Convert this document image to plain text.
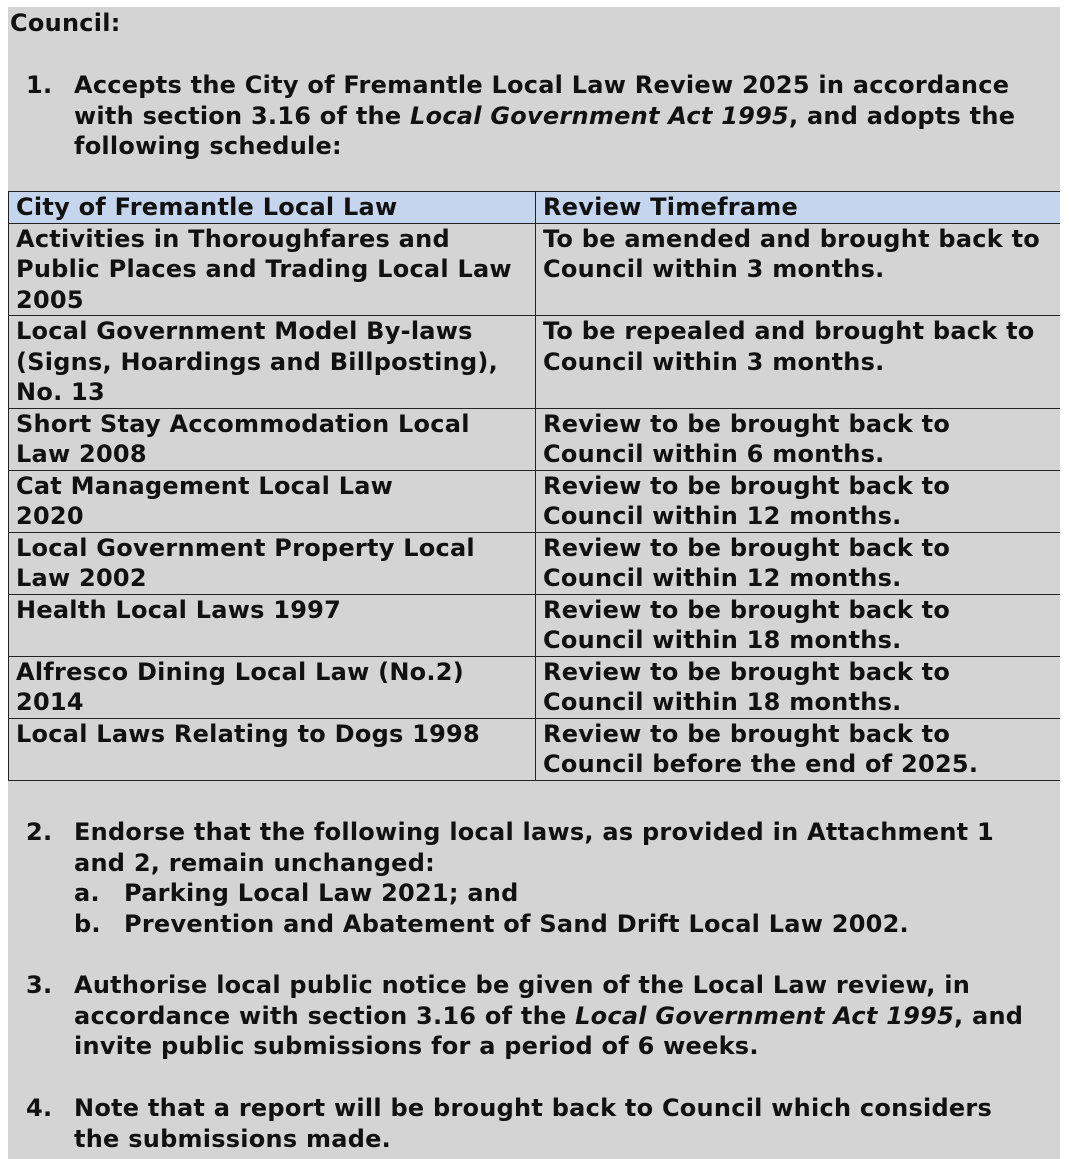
Council:
1. Accepts the City of Fremantle Local Law Review 2025 in accordance
with section 3.16 of the Local Government Act 1995, and adopts the
following schedule:
City of Fremantle Local Law	Review Timeframe

Activities in Thoroughfares and
Public Places and Trading Local Law
2005	To be amended and brought back to
Council within 3 months.

Local Government Model By-laws
(Signs, Hoardings and Billposting),
No. 13	To be repealed and brought back to
Council within 3 months.

Short Stay Accommodation Local
Law 2008	Review to be brought back to
Council within 6 months.

Cat Management Local Law
2020	Review to be brought back to
Council within 12 months.

Local Government Property Local
Law 2002	Review to be brought back to
Council within 12 months.

Health Local Laws 1997	Review to be brought back to
Council within 18 months.

Alfresco Dining Local Law (No.2)
2014	Review to be brought back to
Council within 18 months.

Local Laws Relating to Dogs 1998	Review to be brought back to
Council before the end of 2025.
2. Endorse that the following local laws, as provided in Attachment 1
and 2, remain unchanged:
a. Parking Local Law 2021; and
b. Prevention and Abatement of Sand Drift Local Law 2002.
3. Authorise local public notice be given of the Local Law review, in
accordance with section 3.16 of the Local Government Act 1995, and
invite public submissions for a period of 6 weeks.
4. Note that a report will be brought back to Council which considers
the submissions made.
